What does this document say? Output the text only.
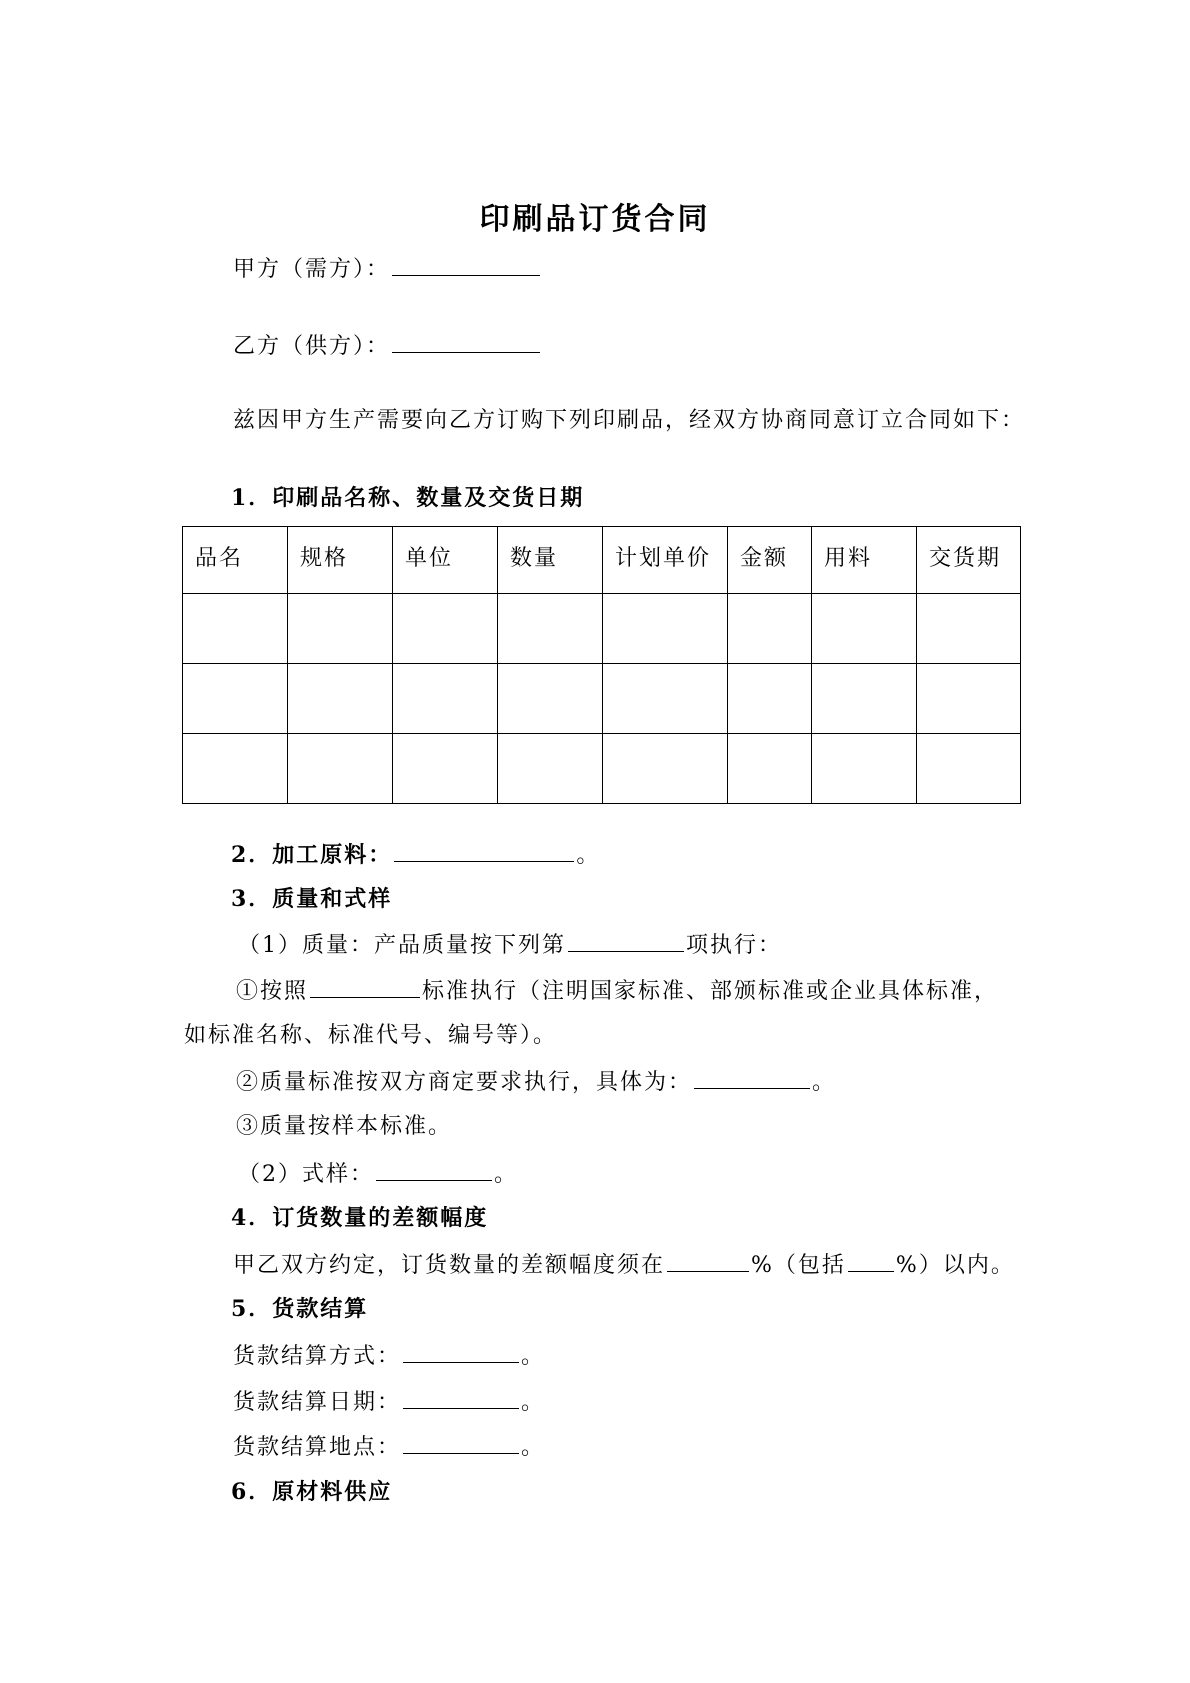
印刷品订货合同
甲方（需方）：
乙方（供方）：
兹因甲方生产需要向乙方订购下列印刷品，经双方协商同意订立合同如下：
1．印刷品名称、数量及交货日期
品名	规格	单位	数量	计划单价	金额	用料	交货期

2．加工原料：	。
3．质量和式样
（1）质量：产品质量按下列第	项执行：
①按照	标准执行（注明国家标准、部颁标准或企业具体标准，
如标准名称、标准代号、编号等）。
②质量标准按双方商定要求执行，具体为：	。
③质量按样本标准。
（2）式样：	。
4．订货数量的差额幅度
甲乙双方约定，订货数量的差额幅度须在	%（包括 %）以内。
5．货款结算
货款结算方式：	。
货款结算日期：	。
货款结算地点：	。
6．原材料供应
